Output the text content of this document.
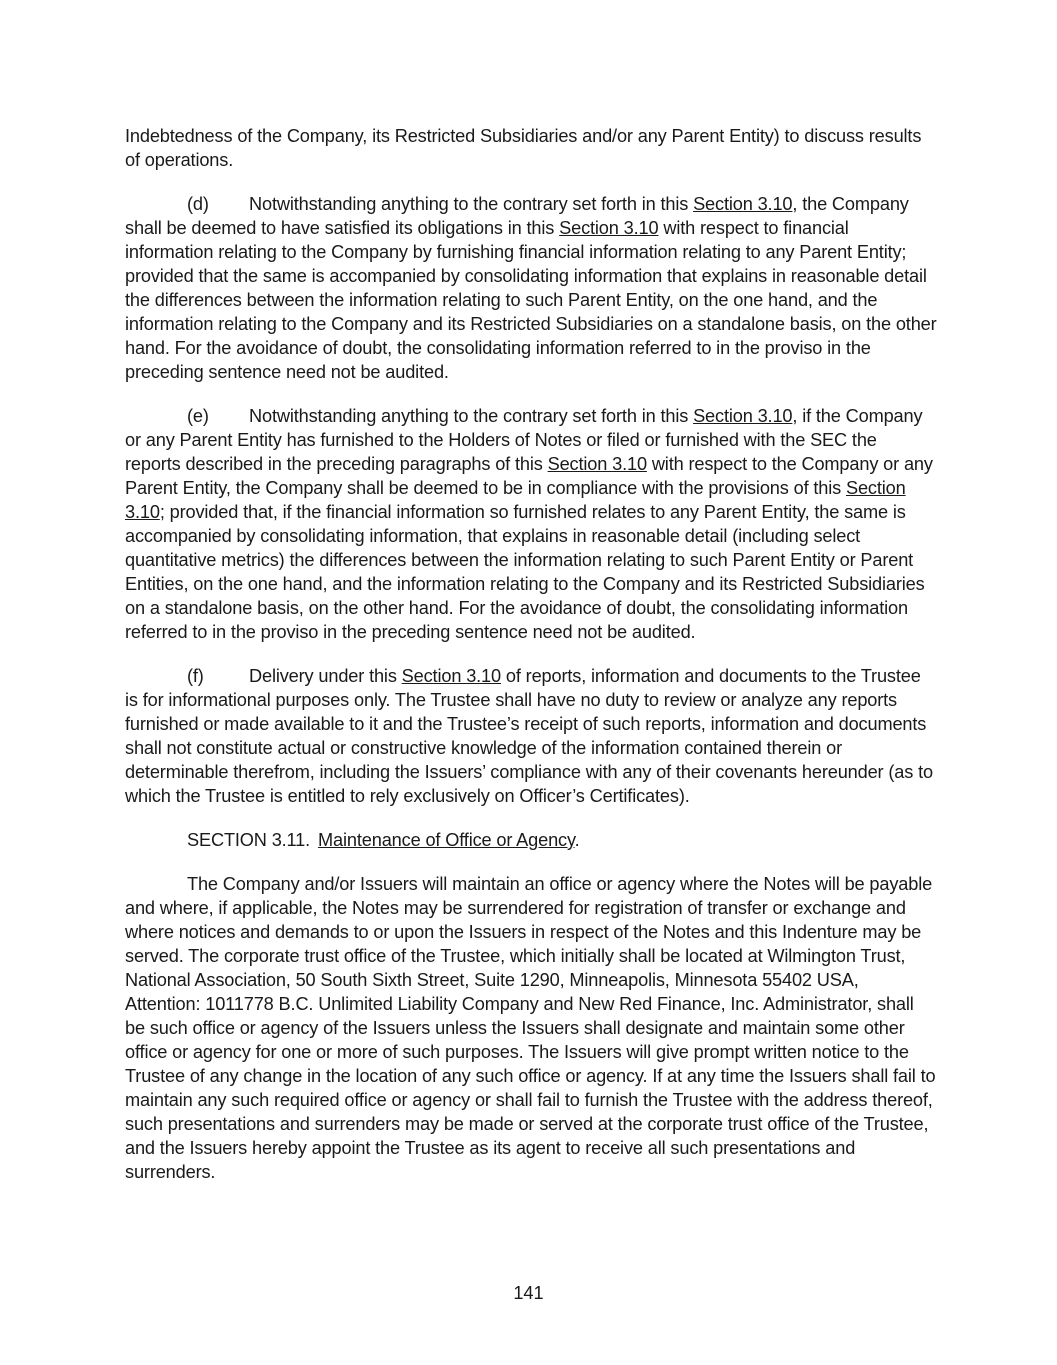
Indebtedness of the Company, its Restricted Subsidiaries and/or any Parent Entity) to discuss results of operations.

(d) Notwithstanding anything to the contrary set forth in this Section 3.10, the Company shall be deemed to have satisfied its obligations in this Section 3.10 with respect to financial information relating to the Company by furnishing financial information relating to any Parent Entity; provided that the same is accompanied by consolidating information that explains in reasonable detail the differences between the information relating to such Parent Entity, on the one hand, and the information relating to the Company and its Restricted Subsidiaries on a standalone basis, on the other hand. For the avoidance of doubt, the consolidating information referred to in the proviso in the preceding sentence need not be audited.

(e) Notwithstanding anything to the contrary set forth in this Section 3.10, if the Company or any Parent Entity has furnished to the Holders of Notes or filed or furnished with the SEC the reports described in the preceding paragraphs of this Section 3.10 with respect to the Company or any Parent Entity, the Company shall be deemed to be in compliance with the provisions of this Section 3.10; provided that, if the financial information so furnished relates to any Parent Entity, the same is accompanied by consolidating information, that explains in reasonable detail (including select quantitative metrics) the differences between the information relating to such Parent Entity or Parent Entities, on the one hand, and the information relating to the Company and its Restricted Subsidiaries on a standalone basis, on the other hand. For the avoidance of doubt, the consolidating information referred to in the proviso in the preceding sentence need not be audited.

(f) Delivery under this Section 3.10 of reports, information and documents to the Trustee is for informational purposes only. The Trustee shall have no duty to review or analyze any reports furnished or made available to it and the Trustee’s receipt of such reports, information and documents shall not constitute actual or constructive knowledge of the information contained therein or determinable therefrom, including the Issuers’ compliance with any of their covenants hereunder (as to which the Trustee is entitled to rely exclusively on Officer’s Certificates).

SECTION 3.11. Maintenance of Office or Agency.

The Company and/or Issuers will maintain an office or agency where the Notes will be payable and where, if applicable, the Notes may be surrendered for registration of transfer or exchange and where notices and demands to or upon the Issuers in respect of the Notes and this Indenture may be served. The corporate trust office of the Trustee, which initially shall be located at Wilmington Trust, National Association, 50 South Sixth Street, Suite 1290, Minneapolis, Minnesota 55402 USA, Attention: 1011778 B.C. Unlimited Liability Company and New Red Finance, Inc. Administrator, shall be such office or agency of the Issuers unless the Issuers shall designate and maintain some other office or agency for one or more of such purposes. The Issuers will give prompt written notice to the Trustee of any change in the location of any such office or agency. If at any time the Issuers shall fail to maintain any such required office or agency or shall fail to furnish the Trustee with the address thereof, such presentations and surrenders may be made or served at the corporate trust office of the Trustee, and the Issuers hereby appoint the Trustee as its agent to receive all such presentations and surrenders.

141
